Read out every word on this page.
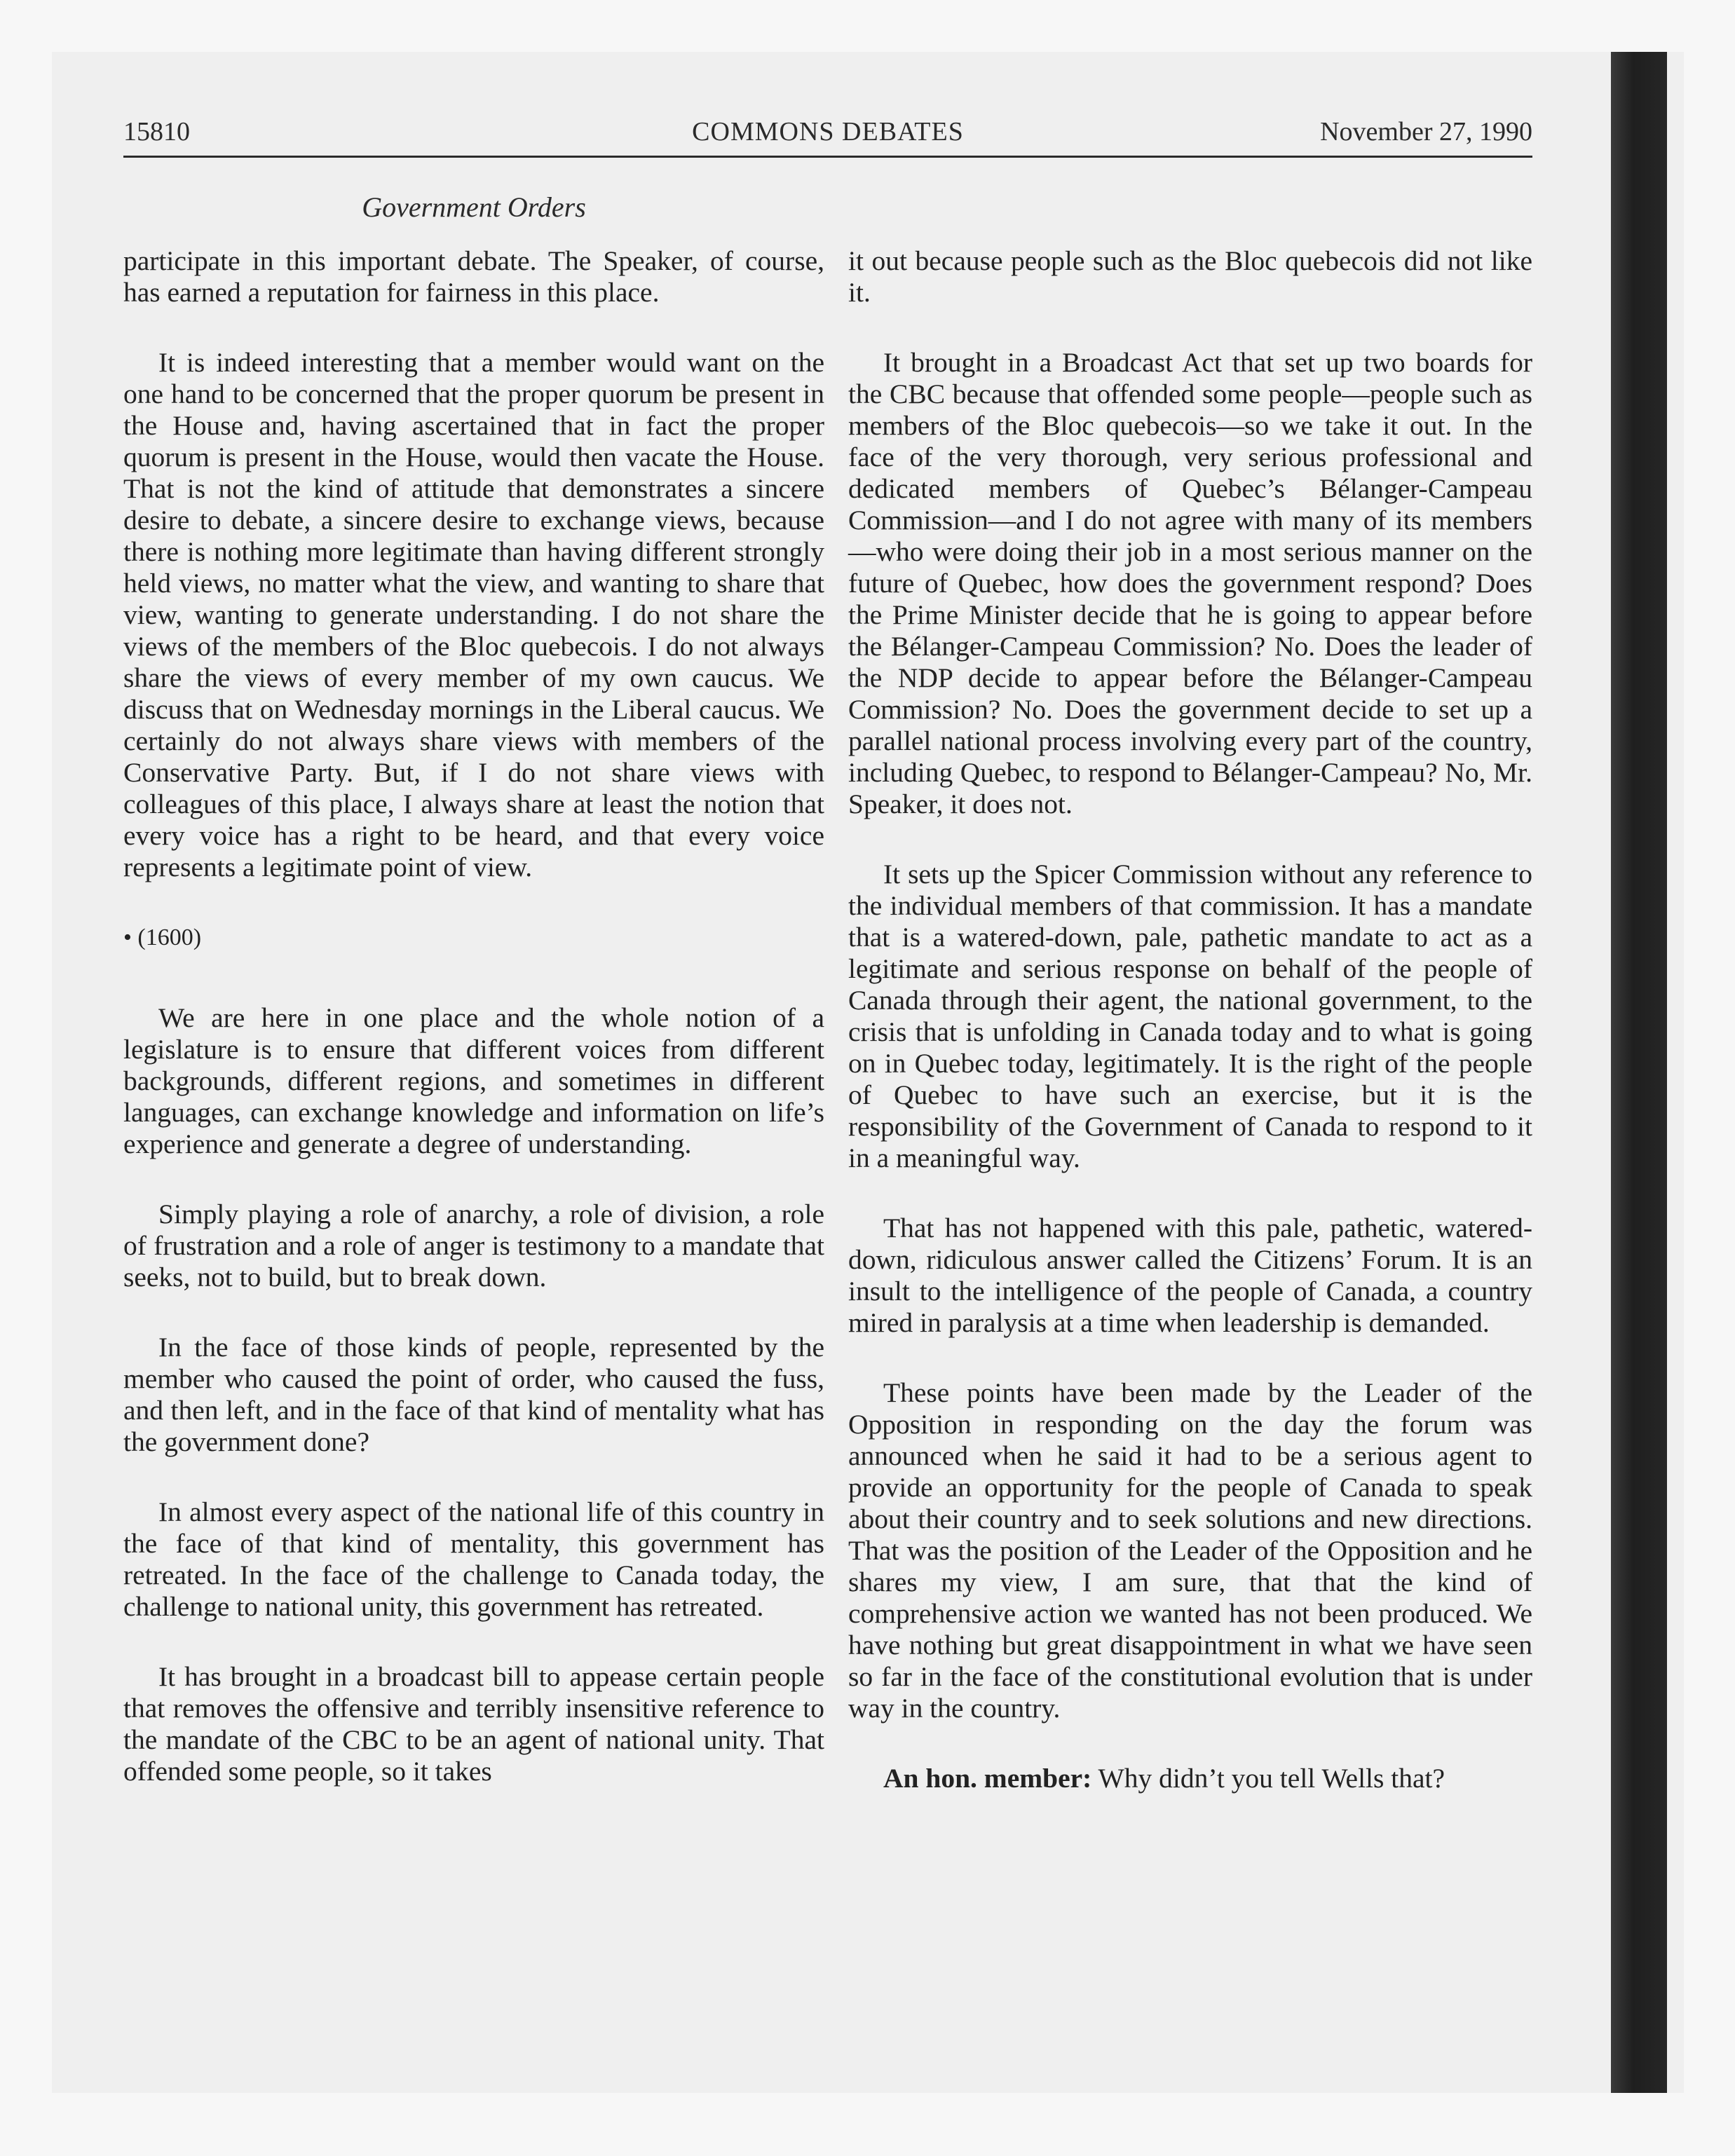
15810	COMMONS DEBATES	November 27, 1990
Government Orders

participate in this important debate. The Speaker, of course, has earned a reputation for fairness in this place.

It is indeed interesting that a member would want on the one hand to be concerned that the proper quorum be present in the House and, having ascertained that in fact the proper quorum is present in the House, would then vacate the House. That is not the kind of attitude that demonstrates a sincere desire to debate, a sincere desire to exchange views, because there is nothing more legitimate than having different strongly held views, no matter what the view, and wanting to share that view, wanting to generate understanding. I do not share the views of the members of the Bloc quebecois. I do not always share the views of every member of my own caucus. We discuss that on Wednesday mornings in the Liberal caucus. We certainly do not always share views with members of the Conservative Party. But, if I do not share views with colleagues of this place, I always share at least the notion that every voice has a right to be heard, and that every voice represents a legitimate point of view.

• (1600)

We are here in one place and the whole notion of a legislature is to ensure that different voices from different backgrounds, different regions, and sometimes in different languages, can exchange knowledge and information on life’s experience and generate a degree of understanding.

Simply playing a role of anarchy, a role of division, a role of frustration and a role of anger is testimony to a mandate that seeks, not to build, but to break down.

In the face of those kinds of people, represented by the member who caused the point of order, who caused the fuss, and then left, and in the face of that kind of mentality what has the government done?

In almost every aspect of the national life of this country in the face of that kind of mentality, this government has retreated. In the face of the challenge to Canada today, the challenge to national unity, this government has retreated.

It has brought in a broadcast bill to appease certain people that removes the offensive and terribly insensitive reference to the mandate of the CBC to be an agent of national unity. That offended some people, so it takes

it out because people such as the Bloc quebecois did not like it.

It brought in a Broadcast Act that set up two boards for the CBC because that offended some people—people such as members of the Bloc quebecois—so we take it out. In the face of the very thorough, very serious professional and dedicated members of Quebec’s Bélanger-Campeau Commission—and I do not agree with many of its members—who were doing their job in a most serious manner on the future of Quebec, how does the government respond? Does the Prime Minister decide that he is going to appear before the Bélanger-Campeau Commission? No. Does the leader of the NDP decide to appear before the Bélanger-Campeau Commission? No. Does the government decide to set up a parallel national process involving every part of the country, including Quebec, to respond to Bélanger-Campeau? No, Mr. Speaker, it does not.

It sets up the Spicer Commission without any reference to the individual members of that commission. It has a mandate that is a watered-down, pale, pathetic mandate to act as a legitimate and serious response on behalf of the people of Canada through their agent, the national government, to the crisis that is unfolding in Canada today and to what is going on in Quebec today, legitimately. It is the right of the people of Quebec to have such an exercise, but it is the responsibility of the Government of Canada to respond to it in a meaningful way.

That has not happened with this pale, pathetic, watered-down, ridiculous answer called the Citizens’ Forum. It is an insult to the intelligence of the people of Canada, a country mired in paralysis at a time when leadership is demanded.

These points have been made by the Leader of the Opposition in responding on the day the forum was announced when he said it had to be a serious agent to provide an opportunity for the people of Canada to speak about their country and to seek solutions and new directions. That was the position of the Leader of the Opposition and he shares my view, I am sure, that that the kind of comprehensive action we wanted has not been produced. We have nothing but great disappointment in what we have seen so far in the face of the constitutional evolution that is under way in the country.

An hon. member: Why didn’t you tell Wells that?
